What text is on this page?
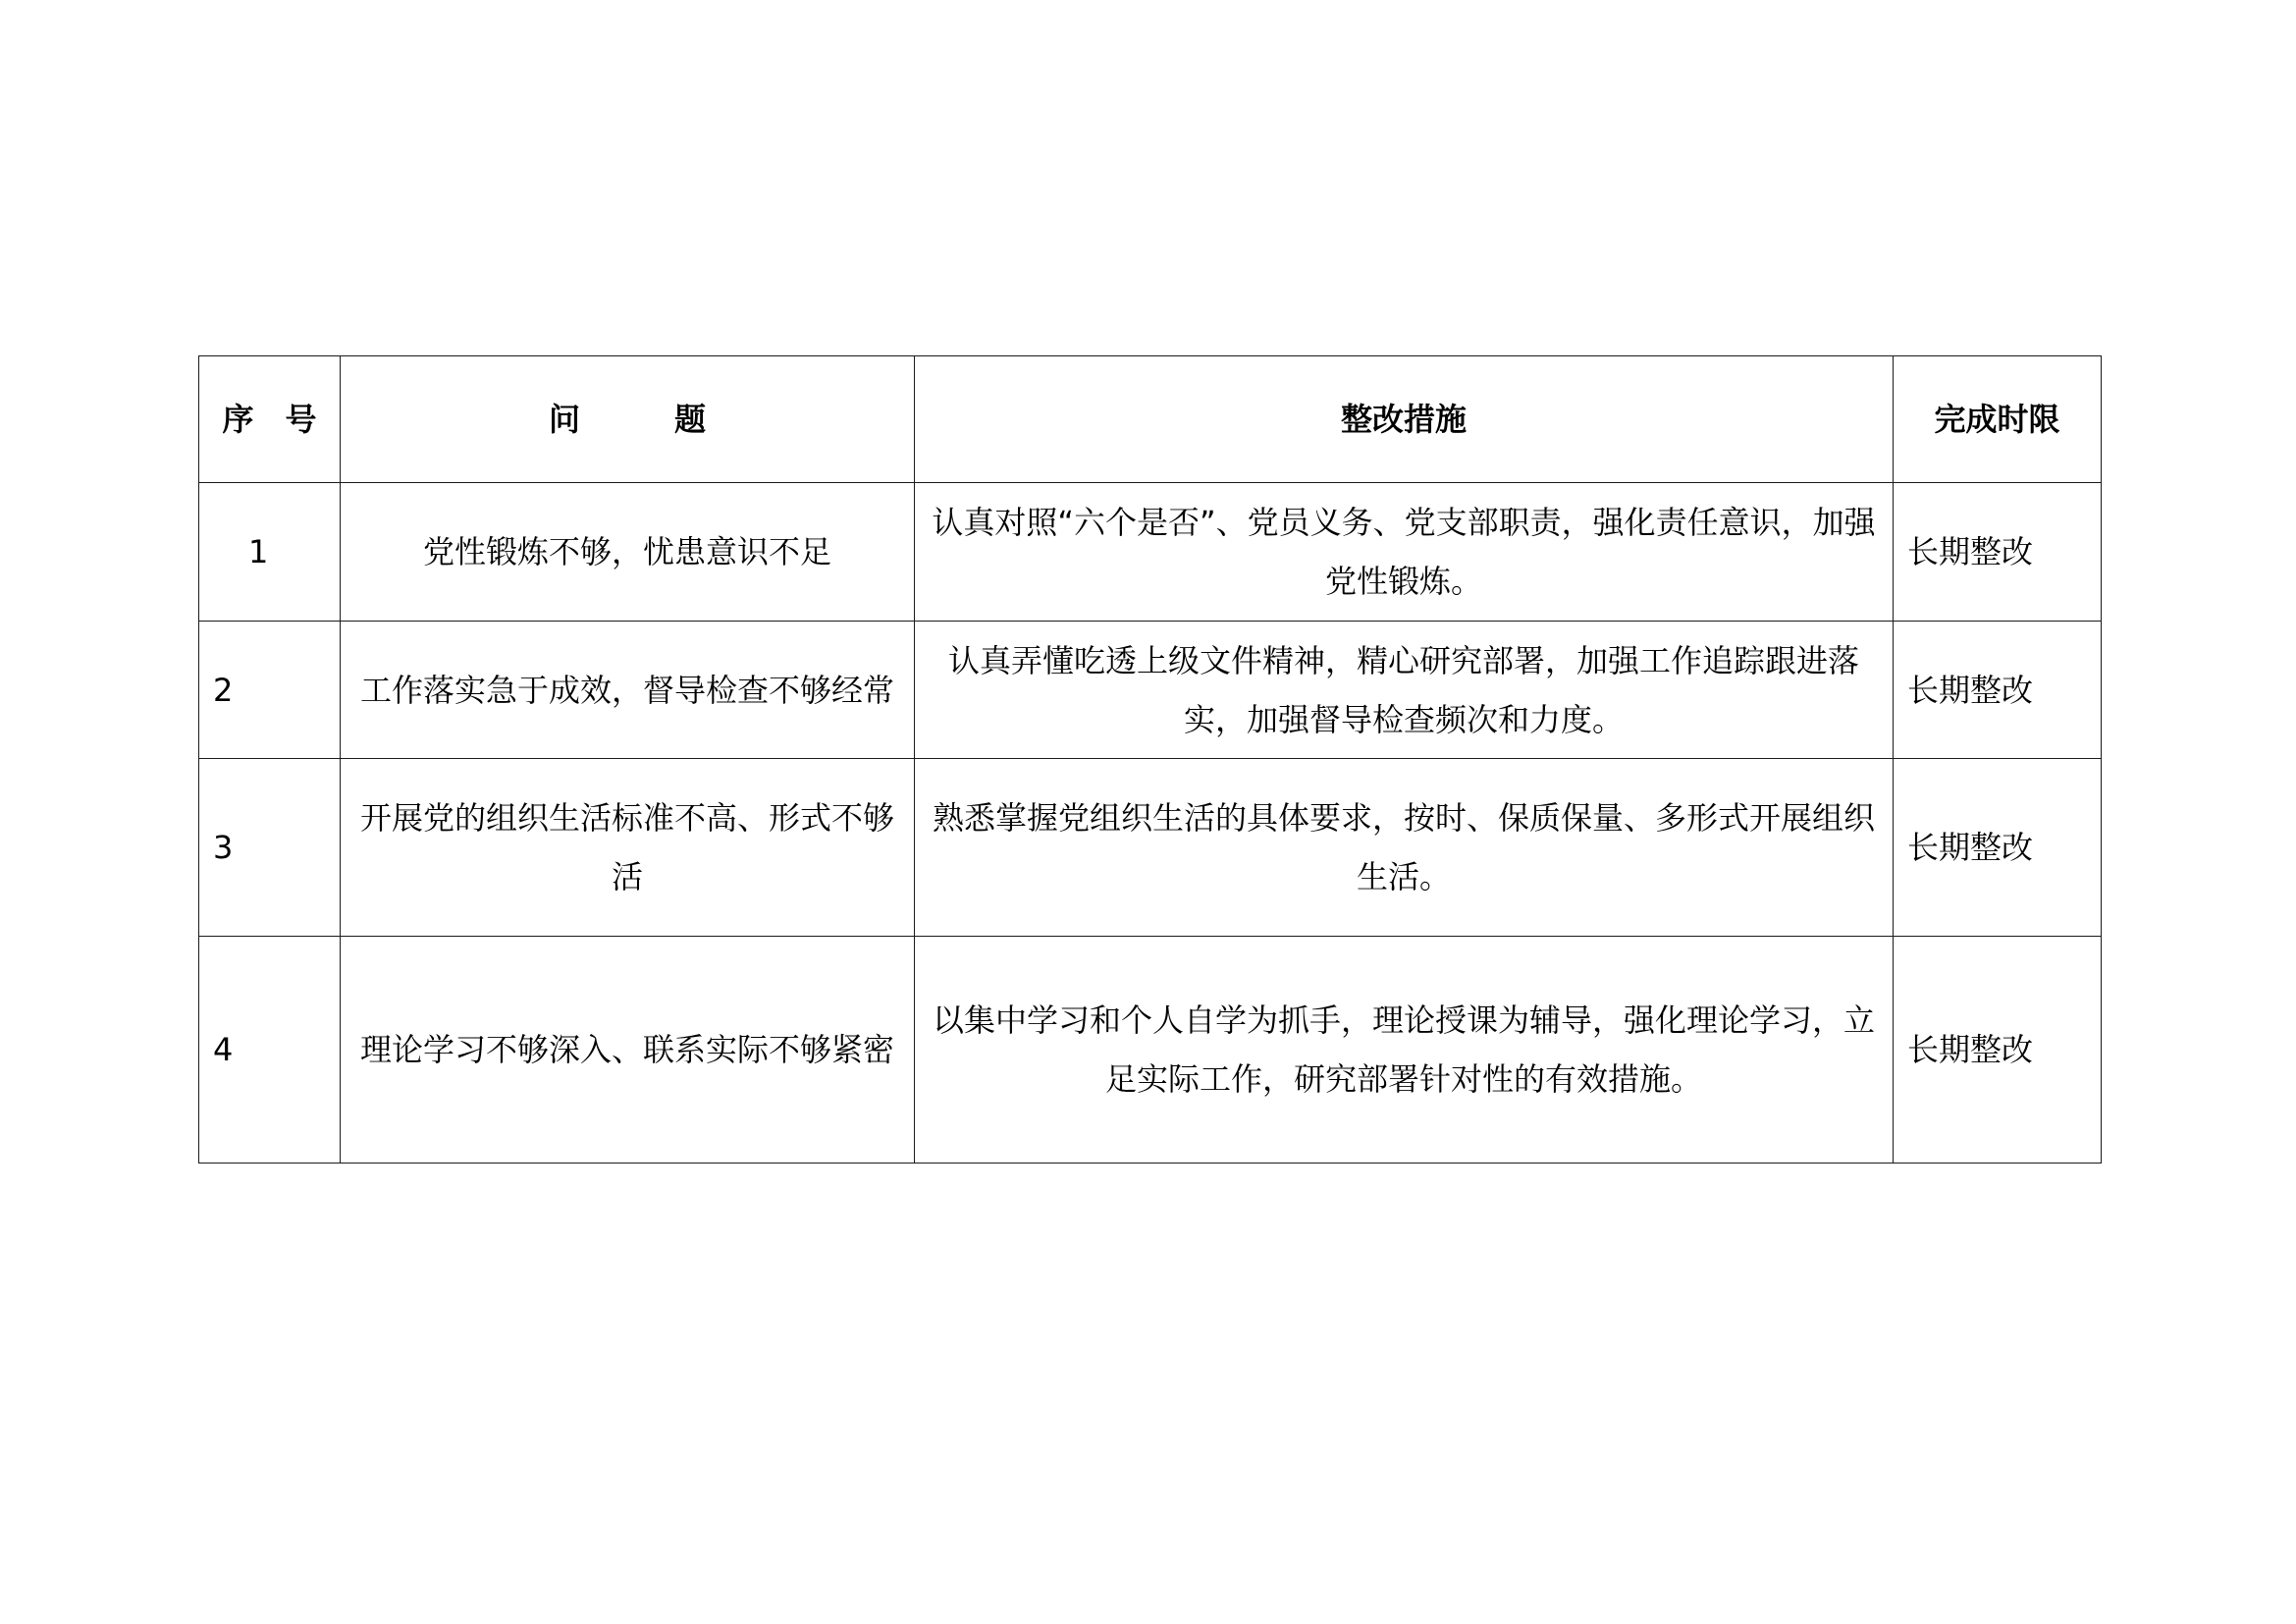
序　号	问　　　题	整改措施	完成时限
1	党性锻炼不够，忧患意识不足	认真对照“六个是否”、党员义务、党支部职责，强化责任意识，加强党性锻炼。	长期整改
2	工作落实急于成效，督导检查不够经常	认真弄懂吃透上级文件精神，精心研究部署，加强工作追踪跟进落实，加强督导检查频次和力度。	长期整改
3	开展党的组织生活标准不高、形式不够活	熟悉掌握党组织生活的具体要求，按时、保质保量、多形式开展组织生活。	长期整改
4	理论学习不够深入、联系实际不够紧密	以集中学习和个人自学为抓手，理论授课为辅导，强化理论学习，立足实际工作，研究部署针对性的有效措施。	长期整改
